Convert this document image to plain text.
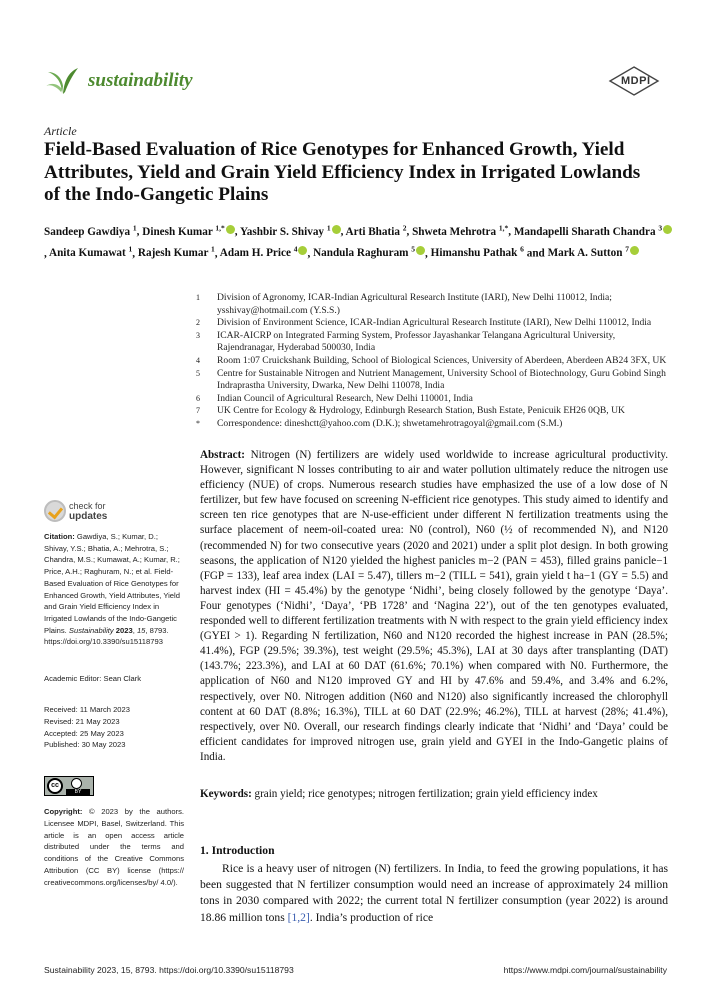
sustainability	MDPI
Article
Field-Based Evaluation of Rice Genotypes for Enhanced Growth, Yield Attributes, Yield and Grain Yield Efficiency Index in Irrigated Lowlands of the Indo-Gangetic Plains
Sandeep Gawdiya $^1$, Dinesh Kumar $^{1,*}$ , Yashbir S. Shivay $^1$ , Arti Bhatia $^2$, Shweta Mehrotra $^{1,*}$, Mandapelli Sharath Chandra $^3$, Anita Kumawat $^1$, Rajesh Kumar $^1$, Adam H. Price $^4$ , Nandula Raghuram $^5$ , Himanshu Pathak $^6$ and Mark A. Sutton $^7$
1	Division of Agronomy, ICAR-Indian Agricultural Research Institute (IARI), New Delhi 110012, India; ysshivay@hotmail.com (Y.S.S.)
2	Division of Environment Science, ICAR-Indian Agricultural Research Institute (IARI), New Delhi 110012, India
3	ICAR-AICRP on Integrated Farming System, Professor Jayashankar Telangana Agricultural University, Rajendranagar, Hyderabad 500030, India
4	Room 1:07 Cruickshank Building, School of Biological Sciences, University of Aberdeen, Aberdeen AB24 3FX, UK
5	Centre for Sustainable Nitrogen and Nutrient Management, University School of Biotechnology, Guru Gobind Singh Indraprastha University, Dwarka, New Delhi 110078, India
6	Indian Council of Agricultural Research, New Delhi 110001, India
7	UK Centre for Ecology & Hydrology, Edinburgh Research Station, Bush Estate, Penicuik EH26 0QB, UK
*	Correspondence: dineshctt@yahoo.com (D.K.); shwetamehrotragoyal@gmail.com (S.M.)
Abstract: Nitrogen (N) fertilizers are widely used worldwide to increase agricultural productivity. However, significant N losses contributing to air and water pollution ultimately reduce the nitrogen use efficiency (NUE) of crops. Numerous research studies have emphasized the use of a low dose of N fertilizer, but few have focused on screening N-efficient rice genotypes. This study aimed to identify and screen ten rice genotypes that are N-use-efficient under different N fertilization treatments using the surface placement of neem-oil-coated urea: N0 (control), N60 (½ of recommended N), and N120 (recommended N) for two consecutive years (2020 and 2021) under a split plot design. In both growing seasons, the application of N120 yielded the highest panicles m−2 (PAN = 453), filled grains panicle−1 (FGP = 133), leaf area index (LAI = 5.47), tillers m−2 (TILL = 541), grain yield t ha−1 (GY = 5.5) and harvest index (HI = 45.4%) by the genotype ‘Nidhi’, being closely followed by the genotype ‘Daya’. Four genotypes (‘Nidhi’, ‘Daya’, ‘PB 1728’ and ‘Nagina 22’), out of the ten genotypes evaluated, responded well to different fertilization treatments with N with respect to the grain yield efficiency index (GYEI > 1). Regarding N fertilization, N60 and N120 recorded the highest increase in PAN (28.5%; 41.4%), FGP (29.5%; 39.3%), test weight (29.5%; 45.3%), LAI at 30 days after transplanting (DAT) (143.7%; 223.3%), and LAI at 60 DAT (61.6%; 70.1%) when compared with N0. Furthermore, the application of N60 and N120 improved GY and HI by 47.6% and 59.4%, and 3.4% and 6.2%, respectively, over N0. Nitrogen addition (N60 and N120) also significantly increased the chlorophyll content at 60 DAT (8.8%; 16.3%), TILL at 60 DAT (22.9%; 46.2%), TILL at harvest (28%; 41.4%), respectively, over N0. Overall, our research findings clearly indicate that ‘Nidhi’ and ‘Daya’ could be efficient candidates for improved nitrogen use, grain yield and GYEI in the Indo-Gangetic plains of India.
Keywords: grain yield; rice genotypes; nitrogen fertilization; grain yield efficiency index
check for
updates
Citation: Gawdiya, S.; Kumar, D.; Shivay, Y.S.; Bhatia, A.; Mehrotra, S.; Chandra, M.S.; Kumawat, A.; Kumar, R.; Price, A.H.; Raghuram, N.; et al. Field-Based Evaluation of Rice Genotypes for Enhanced Growth, Yield Attributes, Yield and Grain Yield Efficiency Index in Irrigated Lowlands of the Indo-Gangetic Plains. Sustainability 2023, 15, 8793. https://doi.org/10.3390/su15118793
Academic Editor: Sean Clark
Received: 11 March 2023
Revised: 21 May 2023
Accepted: 25 May 2023
Published: 30 May 2023
cc
BY
Copyright: © 2023 by the authors. Licensee MDPI, Basel, Switzerland. This article is an open access article distributed under the terms and conditions of the Creative Commons Attribution (CC BY) license (https:// creativecommons.org/licenses/by/ 4.0/).
1. Introduction
Rice is a heavy user of nitrogen (N) fertilizers. In India, to feed the growing populations, it has been suggested that N fertilizer consumption would need an increase of approximately 24 million tons in 2030 compared with 2022; the current total N fertilizer consumption (year 2022) is around 18.86 million tons [1,2]. India’s production of rice
Sustainability 2023, 15, 8793. https://doi.org/10.3390/su15118793	https://www.mdpi.com/journal/sustainability
